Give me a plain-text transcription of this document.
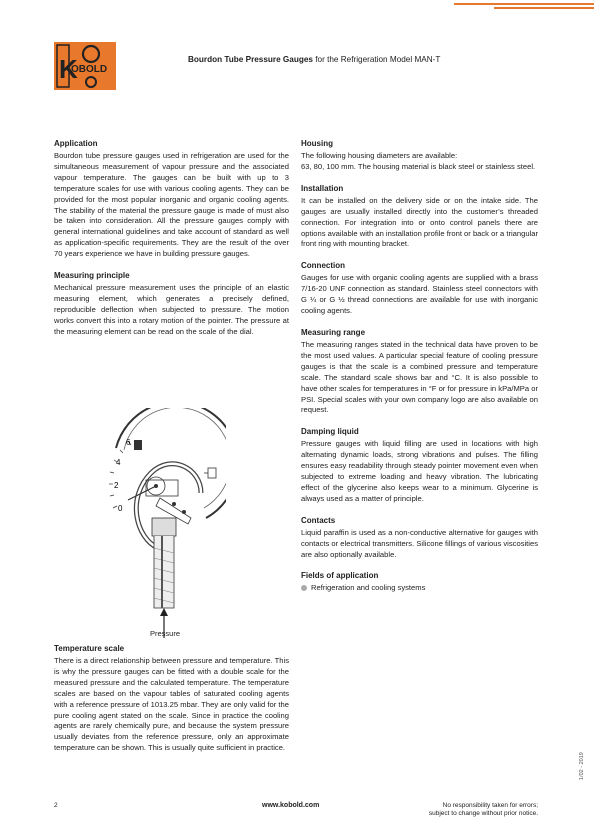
K
OBOLD
Bourdon Tube Pressure Gauges for the Refrigeration Model MAN-T
Application

Bourdon tube pressure gauges used in refrigeration are used for the simultaneous measurement of vapour pressure and the associated vapour temperature. The gauges can be built with up to 3 temperature scales for use with various cooling agents. They can be provided for the most popular inorganic and organic cooling agents. The stability of the material the pressure gauge is made of must also be taken into consideration. All the pressure gauges comply with general international guidelines and take account of standard as well as application-specific requirements. They are the result of the over 70 years experience we have in building pressure gauges.

Measuring principle

Mechanical pressure measurement uses the principle of an elastic measuring element, which generates a precisely defined, reproducible deflection when subjected to pressure. The motion works convert this into a rotary motion of the pointer. The pressure at the measuring element can be read on the scale of the dial.

0
2
4
6
Pressure
Temperature scale

There is a direct relationship between pressure and temperature. This is why the pressure gauges can be fitted with a double scale for the measured pressure and the calculated temperature. The temperature scales are based on the vapour tables of saturated cooling agents with a reference pressure of 1013.25 mbar. They are only valid for the pure cooling agent stated on the scale. Since in practice the cooling agents are rarely chemically pure, and because the system pressure usually deviates from the reference pressure, only an approximate temperature can be shown. This is usually quite sufficient in practice.

Housing

The following housing diameters are available:

63, 80, 100 mm. The housing material is black steel or stainless steel.

Installation

It can be installed on the delivery side or on the intake side. The gauges are usually installed directly into the customer’s threaded connection. For integration into or onto control panels there are options available with an installation profile front or back or a triangular front ring with mounting bracket.

Connection

Gauges for use with organic cooling agents are supplied with a brass 7/16-20 UNF connection as standard. Stainless steel connectors with G ¼ or G ½ thread connections are available for use with inorganic cooling agents.

Measuring range

The measuring ranges stated in the technical data have proven to be the most used values. A particular special feature of cooling pressure gauges is that the scale is a combined pressure and temperature scale. The standard scale shows bar and °C. It is also possible to have other scales for temperatures in °F or for pressure in kPa/MPa or PSI. Special scales with your own company logo are also available on request.

Damping liquid

Pressure gauges with liquid filling are used in locations with high alternating dynamic loads, strong vibrations and pulses. The filling ensures easy readability through steady pointer movement even when subjected to extreme loading and heavy vibration. The lubricating effect of the glycerine also keeps wear to a minimum. Glycerine is always used as a matter of principle.

Contacts

Liquid paraffin is used as a non-conductive alternative for gauges with contacts or electrical transmitters. Silicone fillings of various viscosities are also optionally available.

Fields of application
Refrigeration and cooling systems
2	www.kobold.com	No responsibility taken for errors;
subject to change without prior notice.
1/02 - 2019
